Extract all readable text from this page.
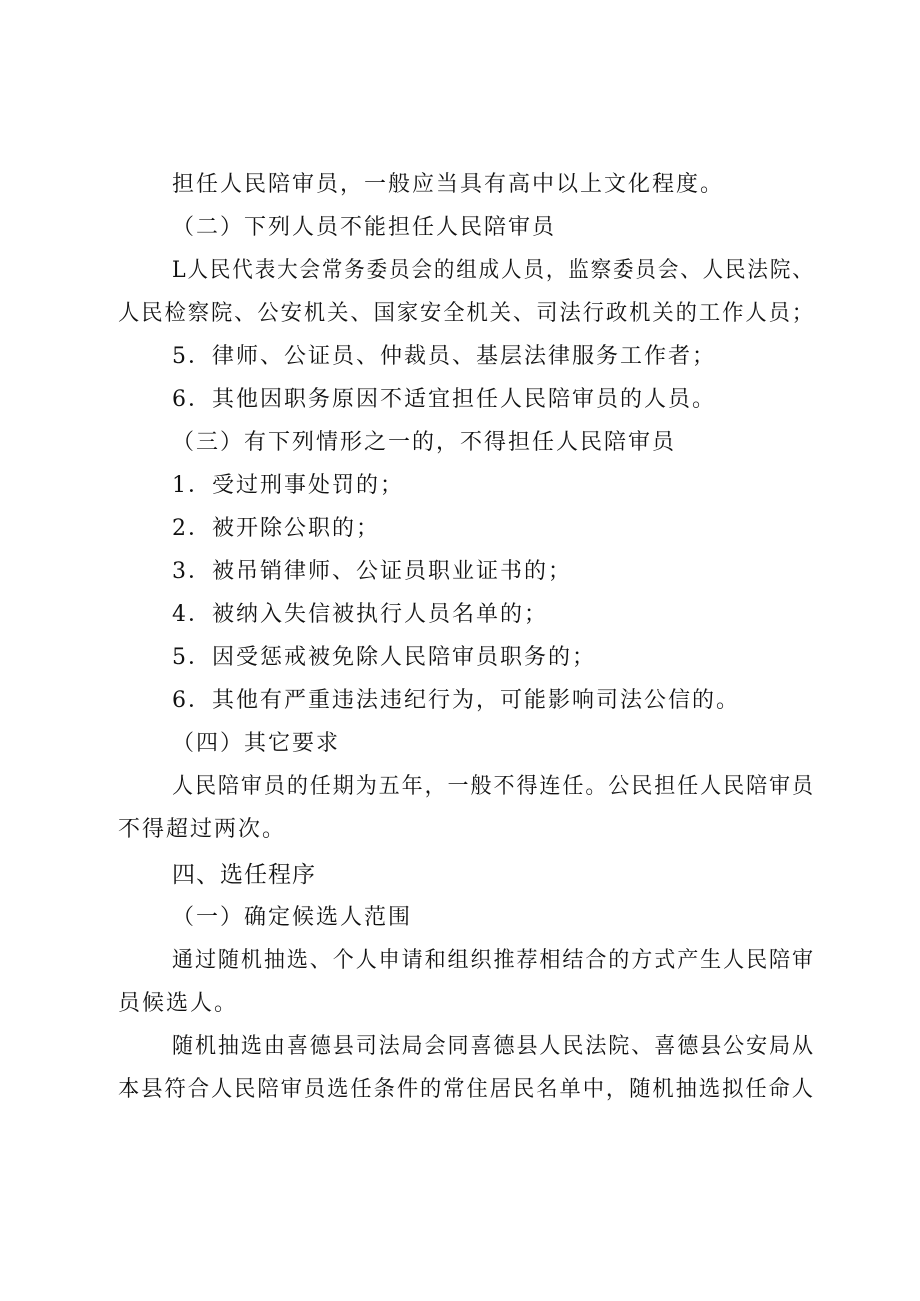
担任人民陪审员，一般应当具有高中以上文化程度。

（二）下列人员不能担任人民陪审员

L人民代表大会常务委员会的组成人员，监察委员会、人民法院、

人民检察院、公安机关、国家安全机关、司法行政机关的工作人员；

5．律师、公证员、仲裁员、基层法律服务工作者；

6．其他因职务原因不适宜担任人民陪审员的人员。

（三）有下列情形之一的，不得担任人民陪审员

1．受过刑事处罚的；

2．被开除公职的；

3．被吊销律师、公证员职业证书的；

4．被纳入失信被执行人员名单的；

5．因受惩戒被免除人民陪审员职务的；

6．其他有严重违法违纪行为，可能影响司法公信的。

（四）其它要求

人民陪审员的任期为五年，一般不得连任。公民担任人民陪审员

不得超过两次。

四、选任程序

（一）确定候选人范围

通过随机抽选、个人申请和组织推荐相结合的方式产生人民陪审

员候选人。

随机抽选由喜德县司法局会同喜德县人民法院、喜德县公安局从

本县符合人民陪审员选任条件的常住居民名单中，随机抽选拟任命人
